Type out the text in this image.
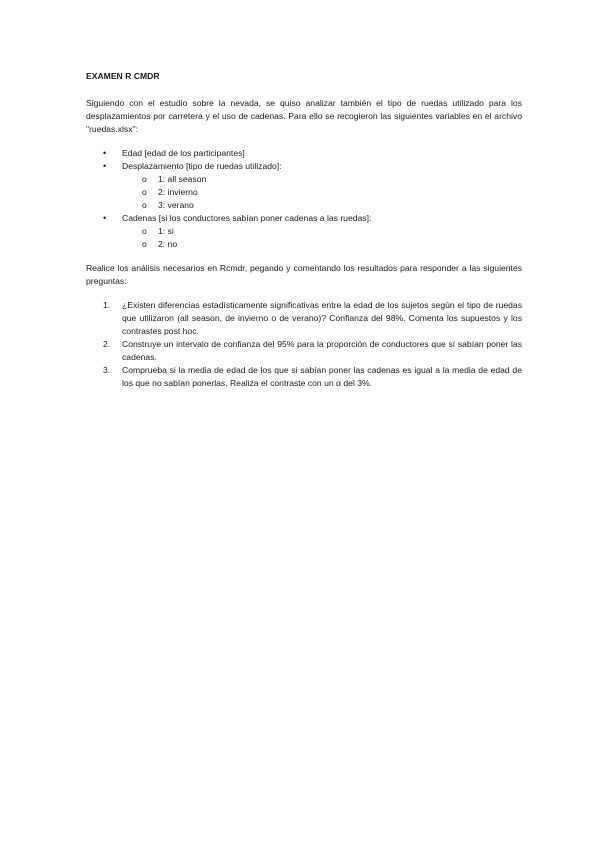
EXAMEN R CMDR

Siguiendo con el estudio sobre la nevada, se quiso analizar también el tipo de ruedas utilizado para los desplazamientos por carretera y el uso de cadenas. Para ello se recogieron las siguientes variables en el archivo "ruedas.xlsx":

• Edad [edad de los participantes]
• Desplazamiento [tipo de ruedas utilizado]:
o 1: all season
o 2: invierno
o 3: verano
• Cadenas [si los conductores sabían poner cadenas a las ruedas]:
o 1: si
o 2: no

Realice los análisis necesarios en Rcmdr, pegando y comentando los resultados para responder a las siguientes preguntas:

1. ¿Existen diferencias estadísticamente significativas entre la edad de los sujetos según el tipo de ruedas que utilizaron (all season, de invierno o de verano)? Confianza del 98%. Comenta los supuestos y los contrastes post hoc.
2. Construye un intervalo de confianza del 95% para la proporción de conductores que sí sabían poner las cadenas.
3. Comprueba si la media de edad de los que si sabían poner las cadenas es igual a la media de edad de los que no sabían ponerlas. Realiza el contraste con un α del 3%.
